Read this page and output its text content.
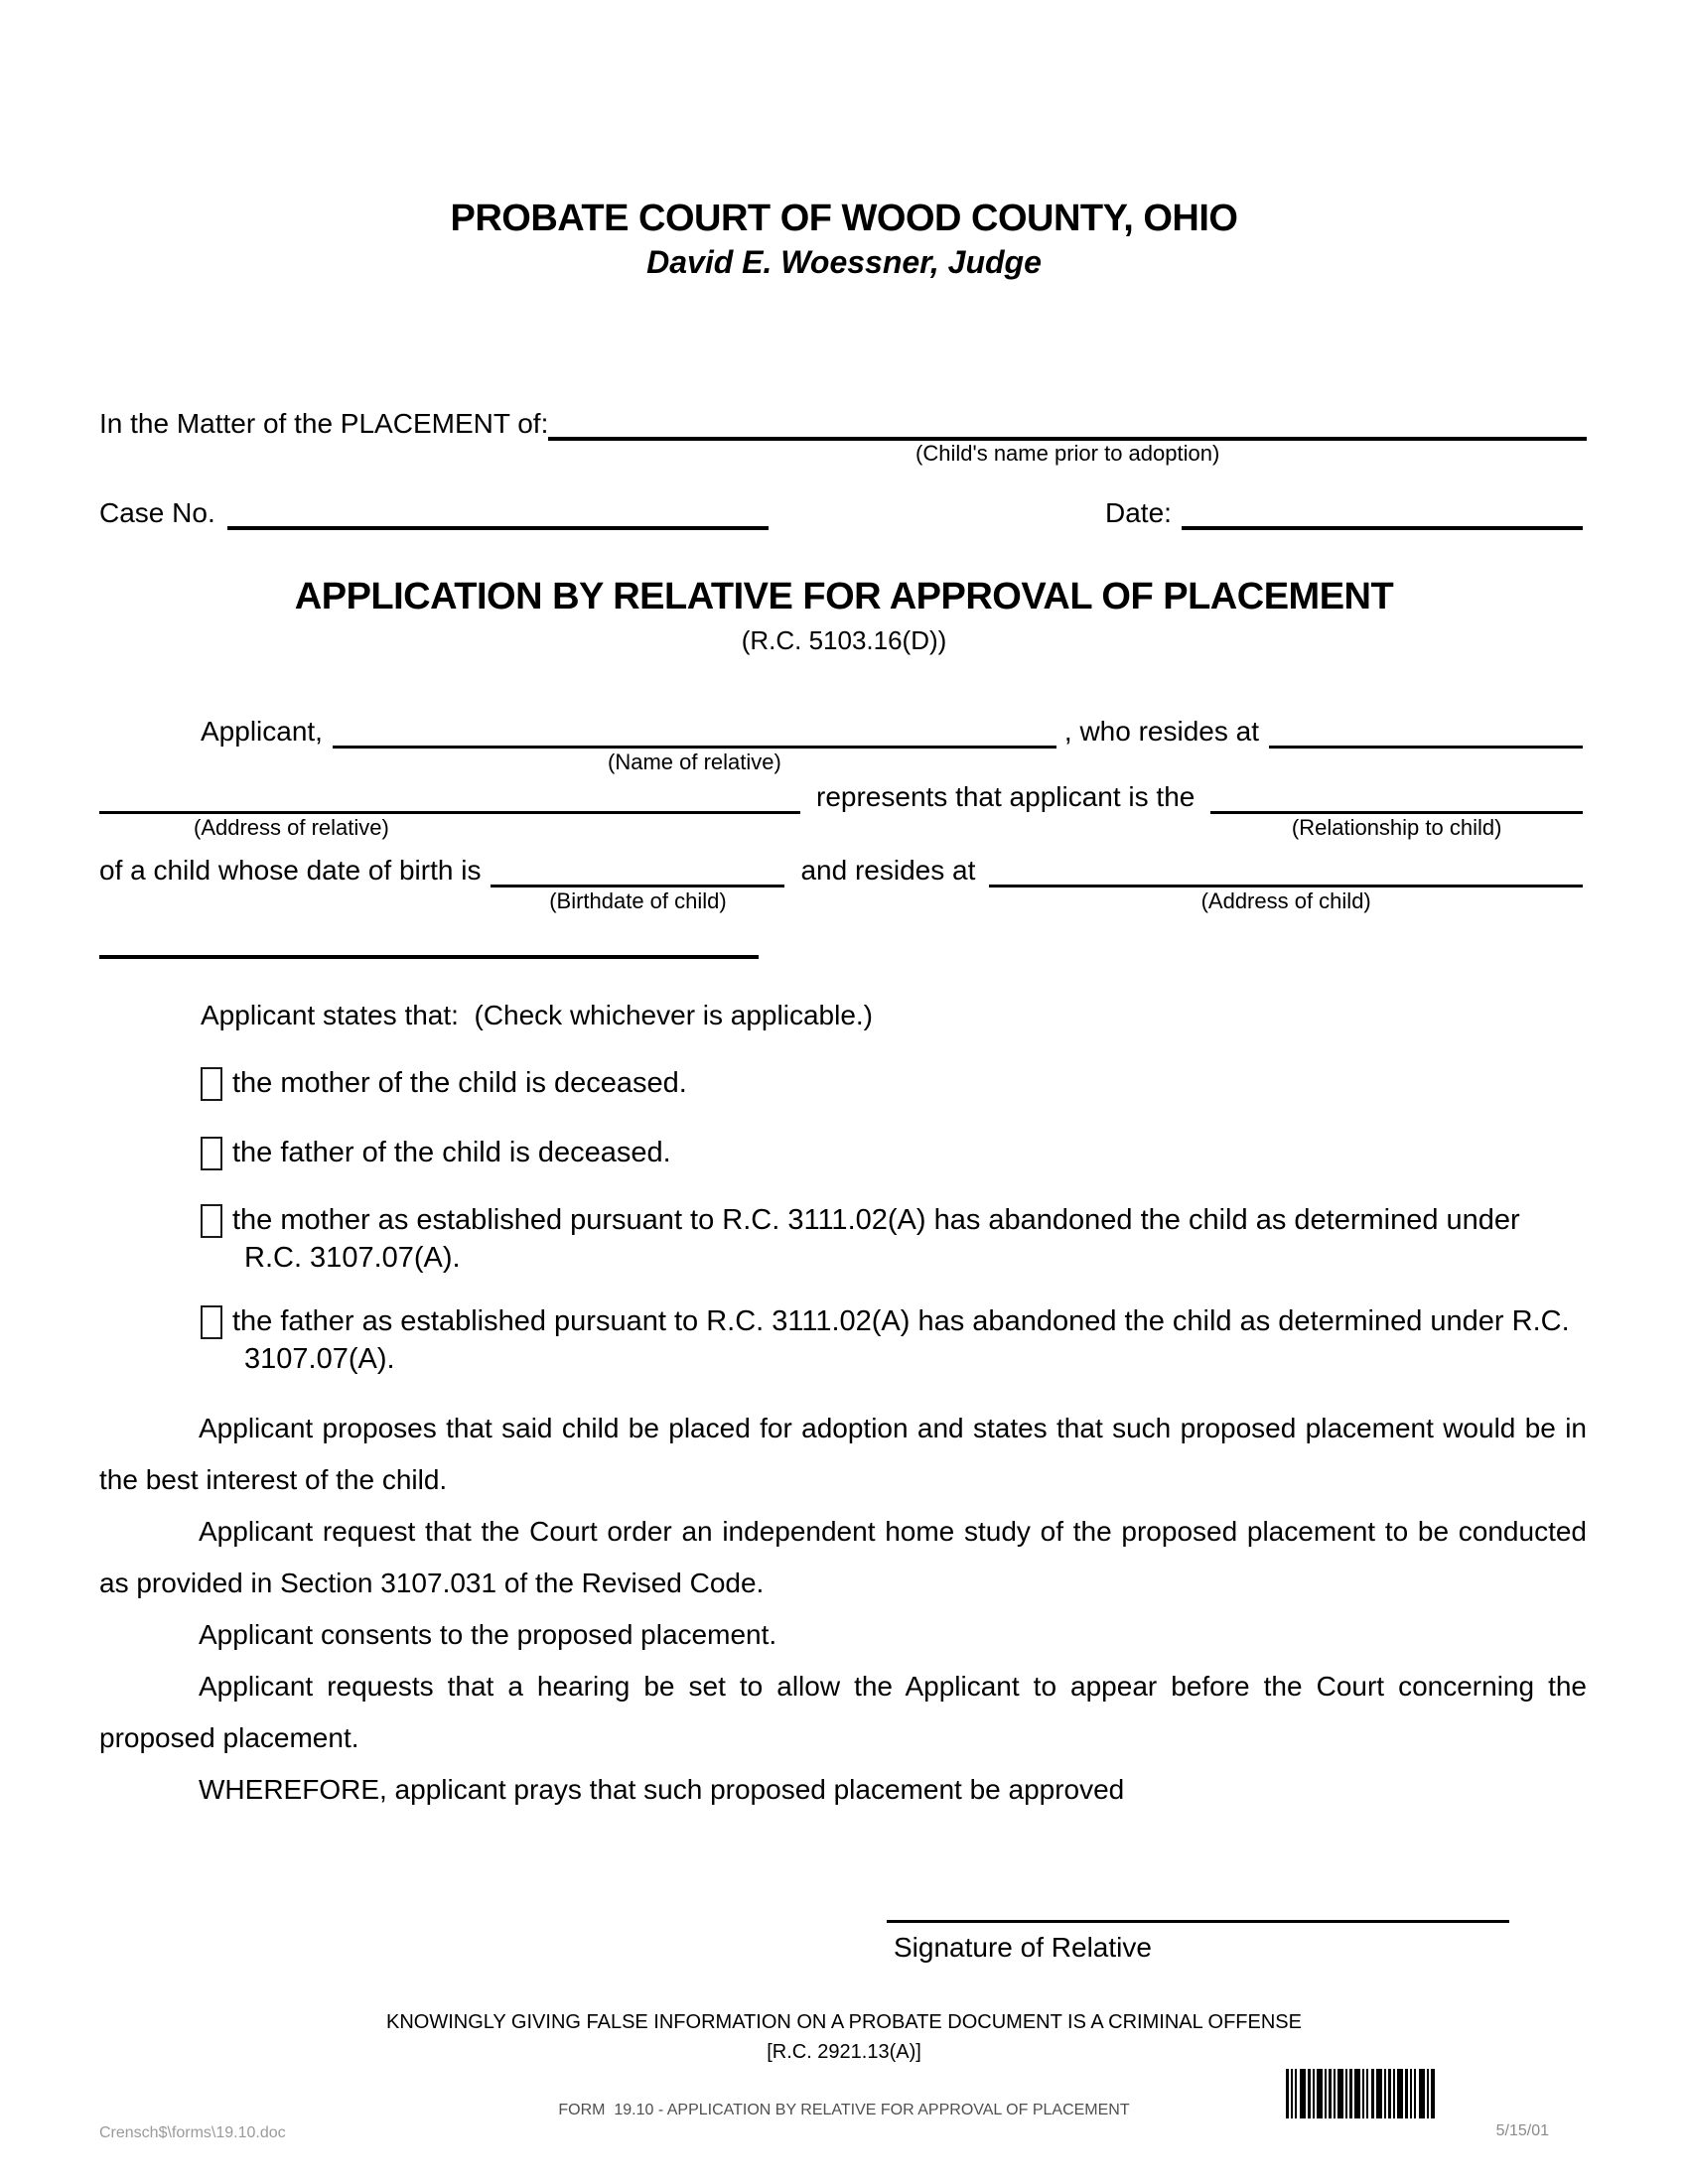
PROBATE COURT OF WOOD COUNTY, OHIO
David E. Woessner, Judge
In the Matter of the PLACEMENT of:
(Child's name prior to adoption)
Case No.	Date:
APPLICATION BY RELATIVE FOR APPROVAL OF PLACEMENT
(R.C. 5103.16(D))
Applicant,
(Name of relative)
, who resides at
(Address of relative)
represents that applicant is the
(Relationship to child)
of a child whose date of birth is
(Birthdate of child)
and resides at
(Address of child)
Applicant states that:  (Check whichever is applicable.)
the mother of the child is deceased.
the father of the child is deceased.
the mother as established pursuant to R.C. 3111.02(A) has abandoned the child as determined under R.C. 3107.07(A).
the father as established pursuant to R.C. 3111.02(A) has abandoned the child as determined under R.C. 3107.07(A).

Applicant proposes that said child be placed for adoption and states that such proposed placement would be in the best interest of the child.

Applicant request that the Court order an independent home study of the proposed placement to be conducted as provided in Section 3107.031 of the Revised Code.

Applicant consents to the proposed placement.

Applicant requests that a hearing be set to allow the Applicant to appear before the Court concerning the proposed placement.

WHEREFORE, applicant prays that such proposed placement be approved

Signature of Relative
KNOWINGLY GIVING FALSE INFORMATION ON A PROBATE DOCUMENT IS A CRIMINAL OFFENSE
[R.C. 2921.13(A)]
FORM  19.10 - APPLICATION BY RELATIVE FOR APPROVAL OF PLACEMENT
Crensch$\forms\19.10.doc	5/15/01
